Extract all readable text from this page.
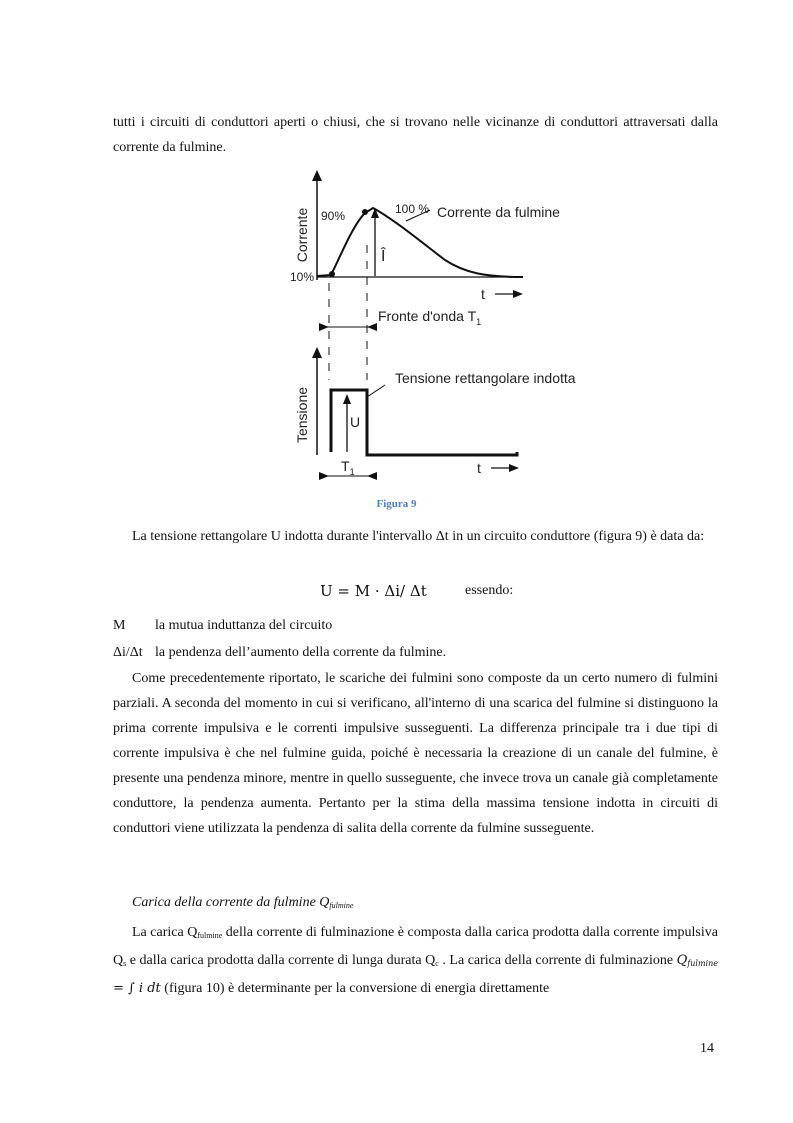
tutti i circuiti di conduttori aperti o chiusi, che si trovano nelle vicinanze di conduttori attraversati dalla corrente da fulmine.

Corrente
10%
90%	100 % Corrente da fulmine
Î
t
Fronte d'onda $T_1$
Tensione
Tensione rettangolare indotta
U
$T_1$	t
Figura 9

La tensione rettangolare U indotta durante l'intervallo Δt in un circuito conduttore (figura 9) è data da:

U = M · Δi/ Δt	essendo:
M la mutua induttanza del circuito
Δi/Δt la pendenza dell’aumento della corrente da fulmine.

Come precedentemente riportato, le scariche dei fulmini sono composte da un certo numero di fulmini parziali. A seconda del momento in cui si verificano, all'interno di una scarica del fulmine si distinguono la prima corrente impulsiva e le correnti impulsive susseguenti. La differenza principale tra i due tipi di corrente impulsiva è che nel fulmine guida, poiché è necessaria la creazione di un canale del fulmine, è presente una pendenza minore, mentre in quello susseguente, che invece trova un canale già completamente conduttore, la pendenza aumenta. Pertanto per la stima della massima tensione indotta in circuiti di conduttori viene utilizzata la pendenza di salita della corrente da fulmine susseguente.

Carica della corrente da fulmine $Q_{fulmine}$

La carica $Q_{fulmine}$ della corrente di fulminazione è composta dalla carica prodotta dalla corrente impulsiva $Q_s$ e dalla carica prodotta dalla corrente di lunga durata $Q_c$ . La carica della corrente di fulminazione $Q_{fulmine}$ = ∫ i dt (figura 10) è determinante per la conversione di energia direttamente

14
